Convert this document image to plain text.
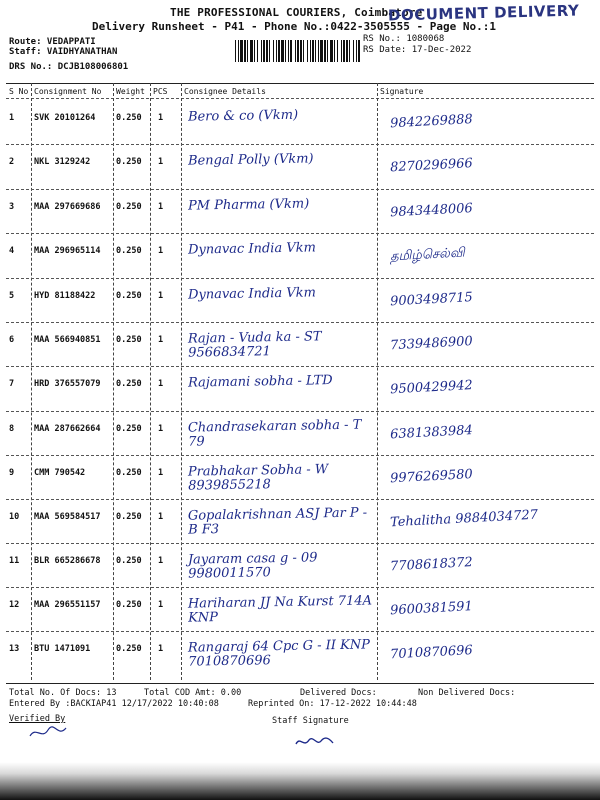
THE PROFESSIONAL COURIERS, Coimbatore
Delivery Runsheet - P41 - Phone No.:0422-3505555 - Page No.:1
DOCUMENT DELIVERY
Route: VEDAPPATI
Staff: VAIDHYANATHAN
DRS No.: DCJB108006801
RS No.: 1080068
RS Date: 17-Dec-2022
S No Consignment No Weight PCS Consignee Details	Signature
1 SVK 20101264 0.250 1 Bero & co (Vkm)	9842269888
2 NKL 3129242	0.250 1 Bengal Polly (Vkm)	8270296966
3 MAA 297669686 0.250 1 PM Pharma (Vkm)	9843448006
4 MAA 296965114 0.250 1 Dynavac India Vkm	தமிழ்செல்வி
5 HYD 81188422 0.250 1 Dynavac India Vkm	9003498715
6 MAA 566940851 0.250 1 Rajan - Vuda ka - ST 9566834721	7339486900
7 HRD 376557079 0.250 1 Rajamani sobha - LTD	9500429942
8 MAA 287662664 0.250 1 Chandrasekaran sobha - T 79	6381383984
9 CMM 790542	0.250 1 Prabhakar Sobha - W 8939855218	9976269580
10 MAA 569584517 0.250 1 Gopalakrishnan ASJ Par P - B F3	Tehalitha 9884034727
11 BLR 665286678 0.250 1 Jayaram casa g - 09 9980011570	7708618372
12 MAA 296551157 0.250 1 Hariharan JJ Na Kurst 714A KNP	9600381591
13 BTU 1471091	0.250 1 Rangaraj 64 Cpc G - II KNP 7010870696	7010870696
Total No. Of Docs: 13	Total COD Amt: 0.00	Delivered Docs:	Non Delivered Docs:
Entered By :BACKIAP41 12/17/2022 10:40:08	Reprinted On: 17-12-2022 10:44:48
Verified By	Staff Signature
